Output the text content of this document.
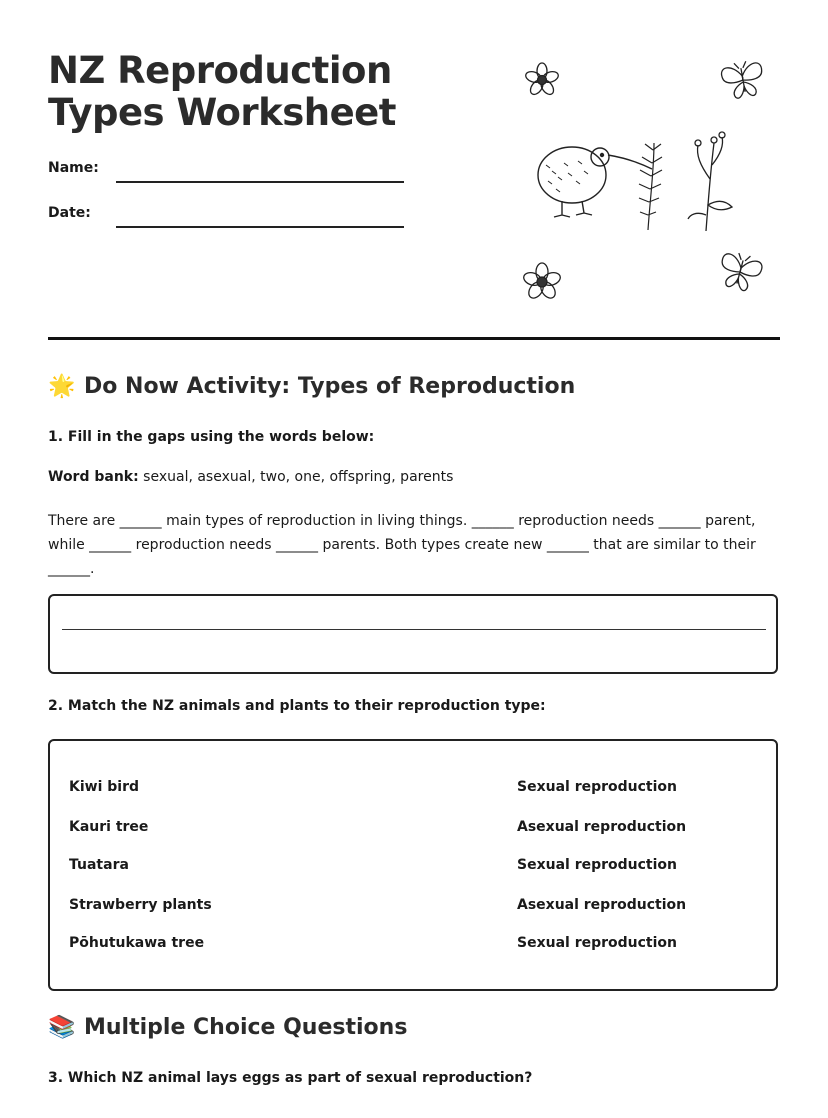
NZ Reproduction Types Worksheet
Name:
Date:
🌟 Do Now Activity: Types of Reproduction
1. Fill in the gaps using the words below:
Word bank: sexual, asexual, two, one, offspring, parents
There are ______ main types of reproduction in living things. ______ reproduction needs ______ parent, while ______ reproduction needs ______ parents. Both types create new ______ that are similar to their ______.
2. Match the NZ animals and plants to their reproduction type:
Kiwi bird
Kauri tree
Tuatara
Strawberry plants
Pōhutukawa tree
Sexual reproduction
Asexual reproduction
Sexual reproduction
Asexual reproduction
Sexual reproduction
📚 Multiple Choice Questions
3. Which NZ animal lays eggs as part of sexual reproduction?
